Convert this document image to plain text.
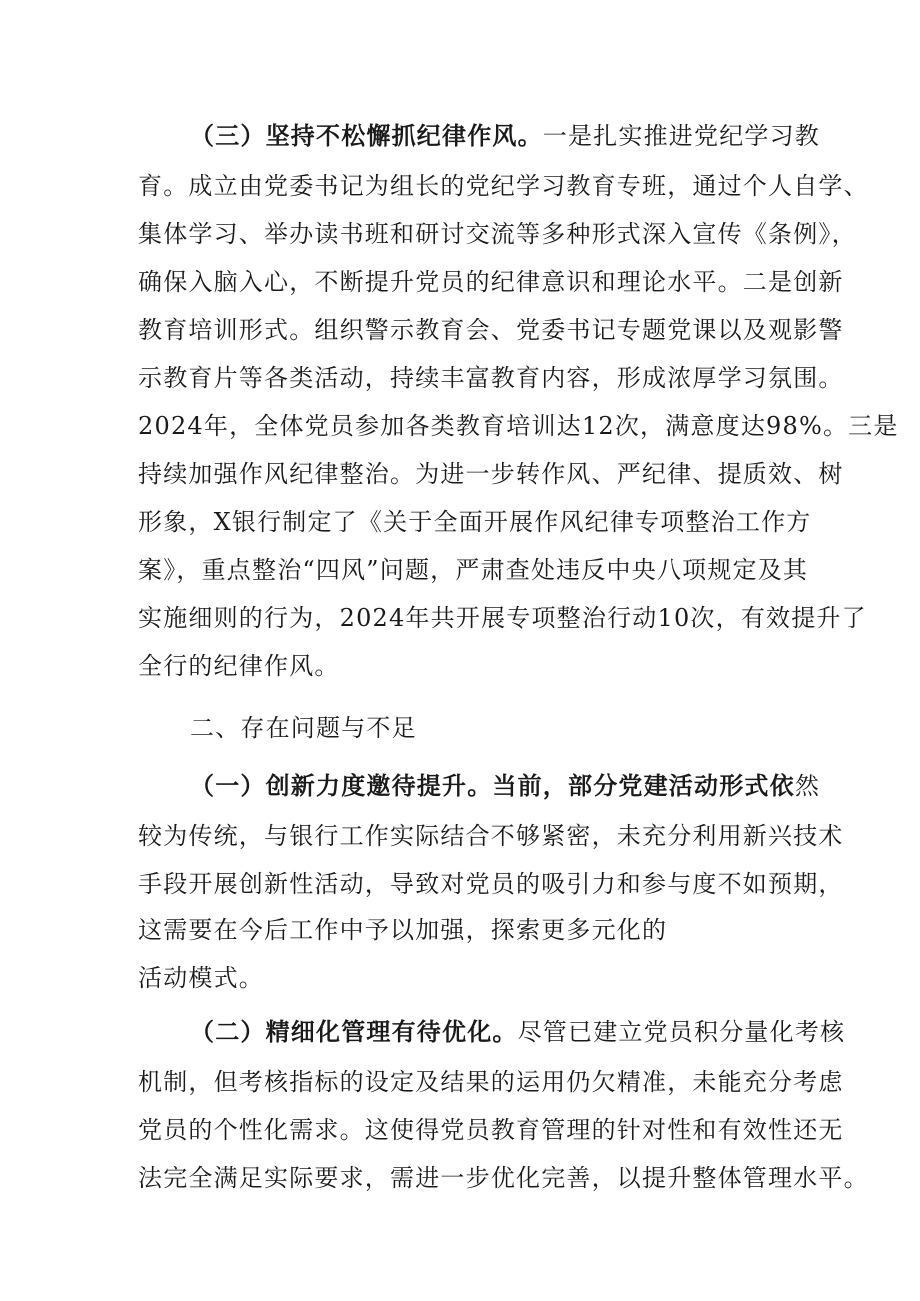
（三）坚持不松懈抓纪律作风。一是扎实推进党纪学习教
育。成立由党委书记为组长的党纪学习教育专班，通过个人自学、
集体学习、举办读书班和研讨交流等多种形式深入宣传《条例》，
确保入脑入心，不断提升党员的纪律意识和理论水平。二是创新
教育培训形式。组织警示教育会、党委书记专题党课以及观影警
示教育片等各类活动，持续丰富教育内容，形成浓厚学习氛围。
2024年，全体党员参加各类教育培训达12次，满意度达98%。三是
持续加强作风纪律整治。为进一步转作风、严纪律、提质效、树
形象，X银行制定了《关于全面开展作风纪律专项整治工作方
案》，重点整治“四风”问题，严肃查处违反中央八项规定及其
实施细则的行为，2024年共开展专项整治行动10次，有效提升了
全行的纪律作风。
二、存在问题与不足
（一）创新力度邀待提升。当前，部分党建活动形式依然
较为传统，与银行工作实际结合不够紧密，未充分利用新兴技术
手段开展创新性活动，导致对党员的吸引力和参与度不如预期，
这需要在今后工作中予以加强，探索更多元化的
活动模式。
（二）精细化管理有待优化。尽管已建立党员积分量化考核
机制，但考核指标的设定及结果的运用仍欠精准，未能充分考虑
党员的个性化需求。这使得党员教育管理的针对性和有效性还无
法完全满足实际要求，需进一步优化完善，以提升整体管理水平。
